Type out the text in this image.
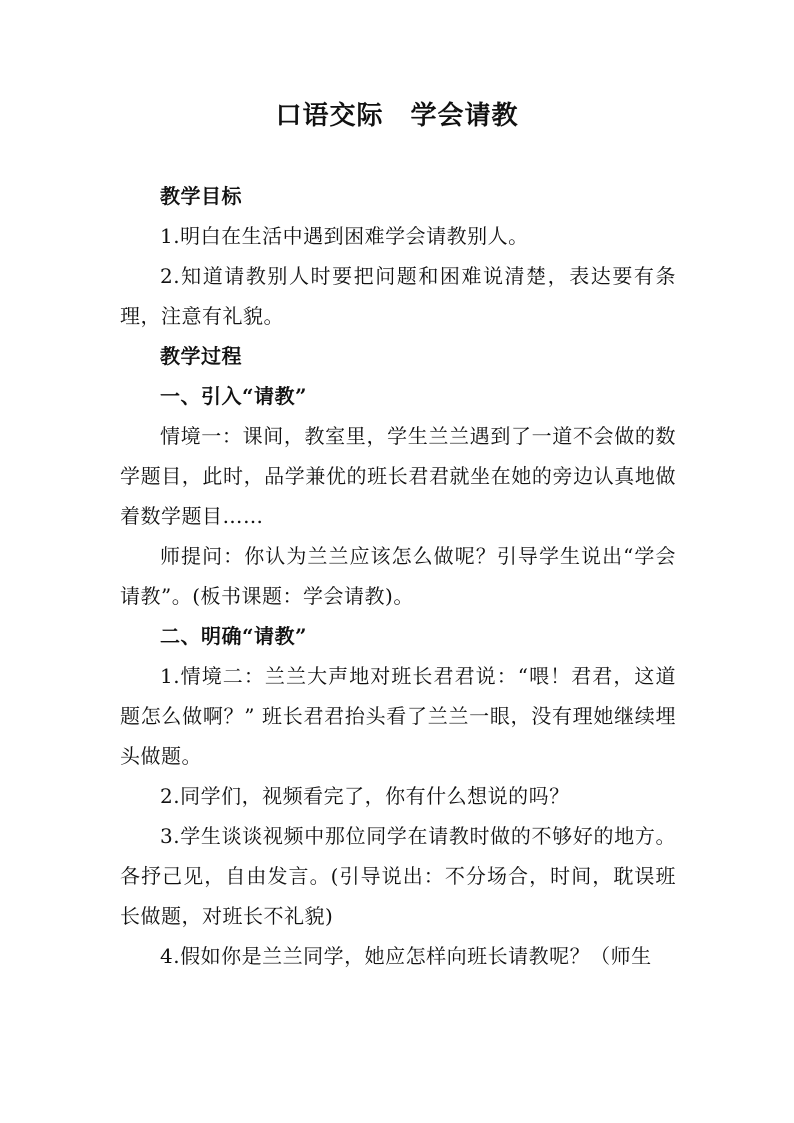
口语交际　学会请教

教学目标

1.明白在生活中遇到困难学会请教别人。

2.知道请教别人时要把问题和困难说清楚，表达要有条理，注意有礼貌。

教学过程

一、引入“请教”

情境一：课间，教室里，学生兰兰遇到了一道不会做的数学题目，此时，品学兼优的班长君君就坐在她的旁边认真地做着数学题目……

师提问：你认为兰兰应该怎么做呢？引导学生说出“学会请教”。(板书课题：学会请教)。

二、明确“请教”

1.情境二：兰兰大声地对班长君君说：“喂！君君，这道题怎么做啊？” 班长君君抬头看了兰兰一眼，没有理她继续埋头做题。

2.同学们，视频看完了，你有什么想说的吗？

3.学生谈谈视频中那位同学在请教时做的不够好的地方。各抒己见，自由发言。(引导说出：不分场合，时间，耽误班长做题，对班长不礼貌)

4.假如你是兰兰同学，她应怎样向班长请教呢？（师生
